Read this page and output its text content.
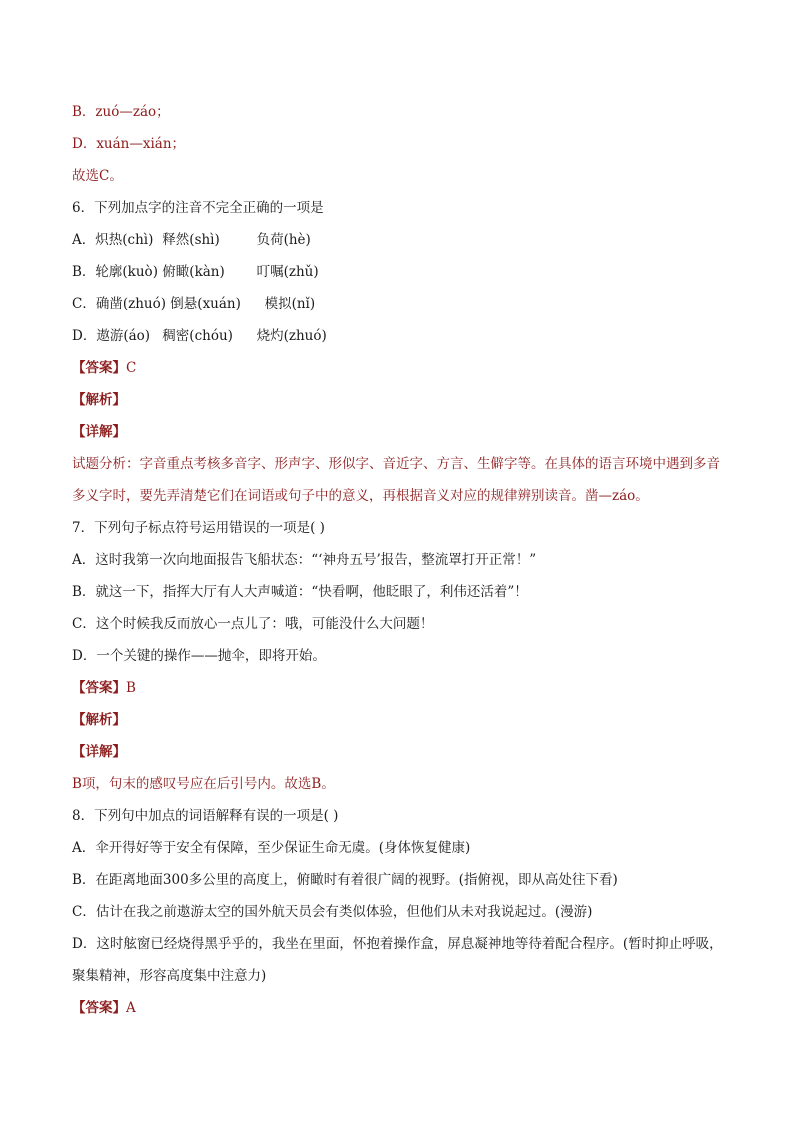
B．zuó—záo；
D．xuán—xián；
故选C。
6．下列加点字的注音不完全正确的一项是
A．炽热(chì) 释然(shì)	负荷(hè)
B．轮廓(kuò) 俯瞰(kàn) 叮嘱(zhǔ)
C．确凿(zhuó) 倒悬(xuán) 模拟(nǐ)
D．遨游(áo) 稠密(chóu) 烧灼(zhuó)
【答案】C
【解析】
【详解】
试题分析：字音重点考核多音字、形声字、形似字、音近字、方言、生僻字等。在具体的语言环境中遇到多音多义字时，要先弄清楚它们在词语或句子中的意义，再根据音义对应的规律辨别读音。凿—záo。
7．下列句子标点符号运用错误的一项是( )
A．这时我第一次向地面报告飞船状态：“‘神舟五号’报告，整流罩打开正常！”
B．就这一下，指挥大厅有人大声喊道：“快看啊，他眨眼了，利伟还活着”！
C．这个时候我反而放心一点儿了：哦，可能没什么大问题！
D．一个关键的操作——抛伞，即将开始。
【答案】B
【解析】
【详解】
B项，句末的感叹号应在后引号内。故选B。
8．下列句中加点的词语解释有误的一项是( )
A．伞开得好等于安全有保障，至少保证生命无虞。(身体恢复健康)
B．在距离地面300多公里的高度上，俯瞰时有着很广阔的视野。(指俯视，即从高处往下看)
C．估计在我之前遨游太空的国外航天员会有类似体验，但他们从未对我说起过。(漫游)
D．这时舷窗已经烧得黑乎乎的，我坐在里面，怀抱着操作盒，屏息凝神地等待着配合程序。(暂时抑止呼吸，聚集精神，形容高度集中注意力)
【答案】A
